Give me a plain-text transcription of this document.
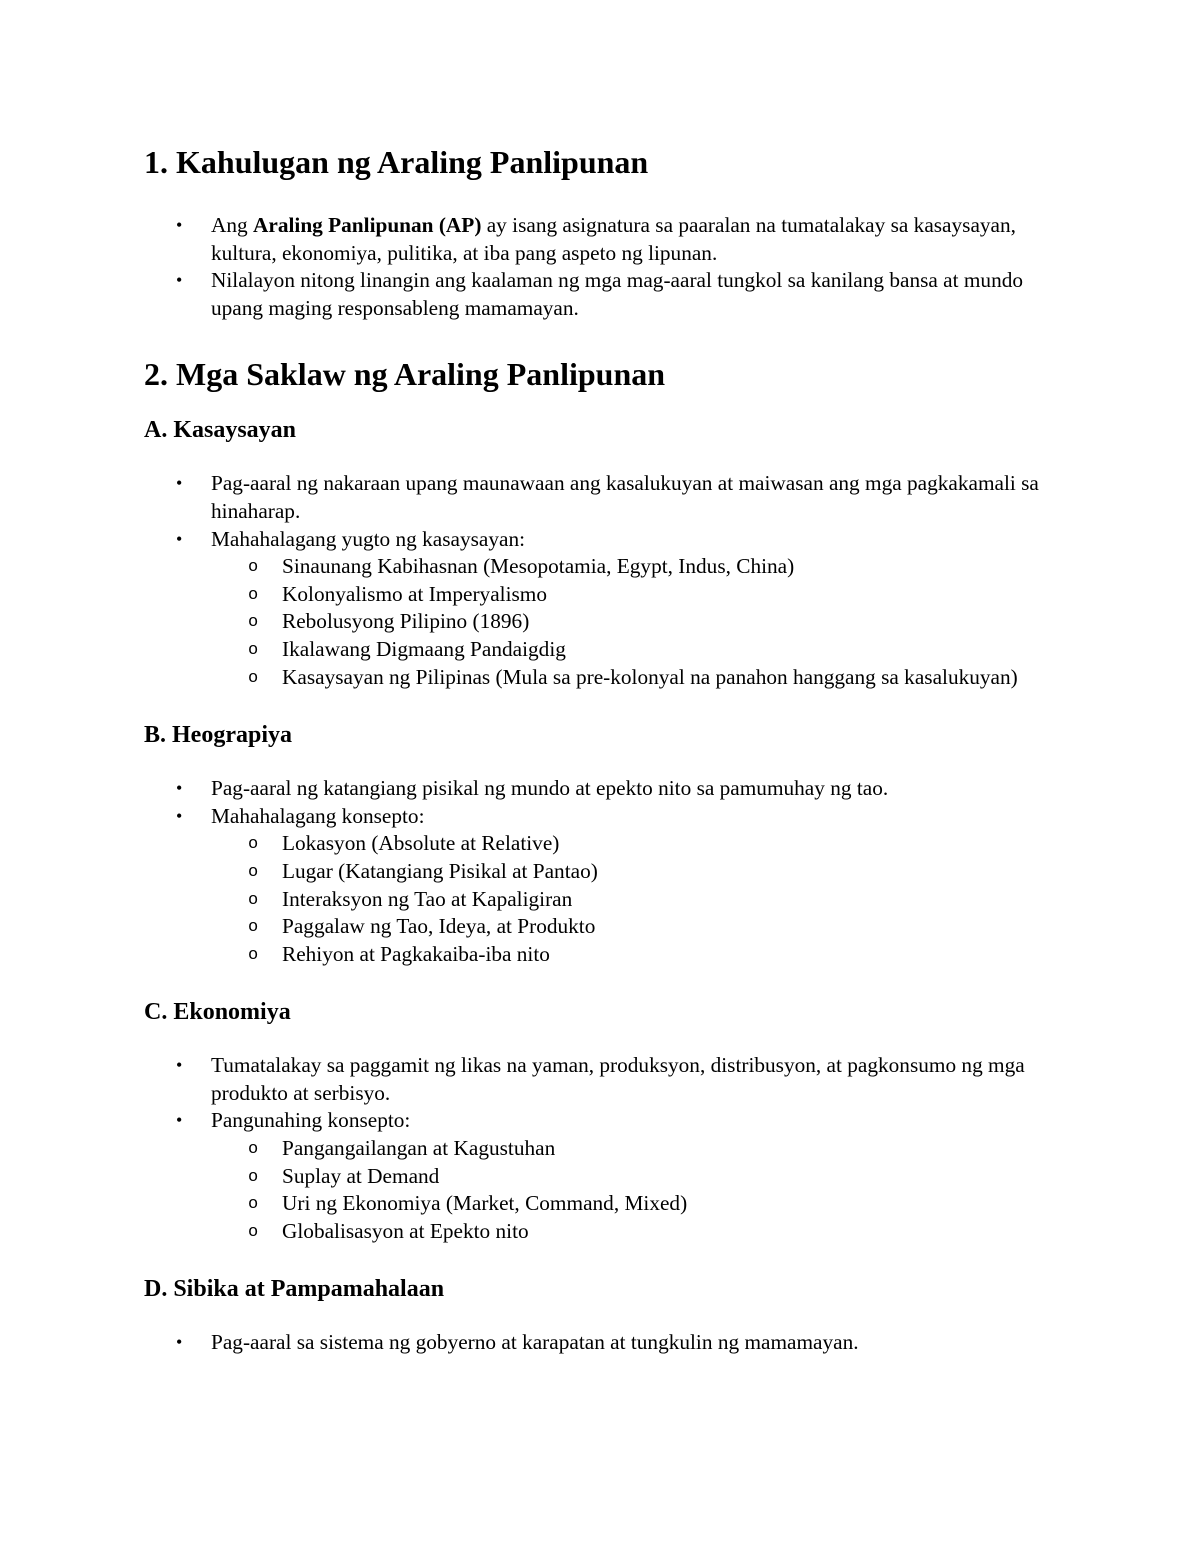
1. Kahulugan ng Araling Panlipunan
• Ang Araling Panlipunan (AP) ay isang asignatura sa paaralan na tumatalakay sa kasaysayan, kultura, ekonomiya, pulitika, at iba pang aspeto ng lipunan.
• Nilalayon nitong linangin ang kaalaman ng mga mag-aaral tungkol sa kanilang bansa at mundo upang maging responsableng mamamayan.
2. Mga Saklaw ng Araling Panlipunan
A. Kasaysayan
• Pag-aaral ng nakaraan upang maunawaan ang kasalukuyan at maiwasan ang mga pagkakamali sa hinaharap.
• Mahahalagang yugto ng kasaysayan:
o Sinaunang Kabihasnan (Mesopotamia, Egypt, Indus, China)
o Kolonyalismo at Imperyalismo
o Rebolusyong Pilipino (1896)
o Ikalawang Digmaang Pandaigdig
o Kasaysayan ng Pilipinas (Mula sa pre-kolonyal na panahon hanggang sa kasalukuyan)
B. Heograpiya
• Pag-aaral ng katangiang pisikal ng mundo at epekto nito sa pamumuhay ng tao.
• Mahahalagang konsepto:
o Lokasyon (Absolute at Relative)
o Lugar (Katangiang Pisikal at Pantao)
o Interaksyon ng Tao at Kapaligiran
o Paggalaw ng Tao, Ideya, at Produkto
o Rehiyon at Pagkakaiba-iba nito
C. Ekonomiya
• Tumatalakay sa paggamit ng likas na yaman, produksyon, distribusyon, at pagkonsumo ng mga produkto at serbisyo.
• Pangunahing konsepto:
o Pangangailangan at Kagustuhan
o Suplay at Demand
o Uri ng Ekonomiya (Market, Command, Mixed)
o Globalisasyon at Epekto nito
D. Sibika at Pampamahalaan
• Pag-aaral sa sistema ng gobyerno at karapatan at tungkulin ng mamamayan.
